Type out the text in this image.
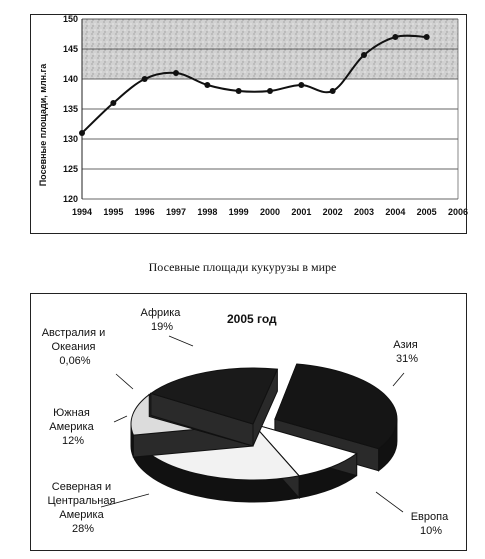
120
125
130
135
140
145
150
1994 1995 1996 1997 1998 1999 2000 2001 2002 2003 2004 2005 2006
Посевные площади, млн.га
Посевные площади кукурузы в мире
2005 год
Африка 19%
Азия 31%
Австралия и Океания 0,06%
Южная Америка 12%
Северная и Центральная Америка 28%
Европа 10%
